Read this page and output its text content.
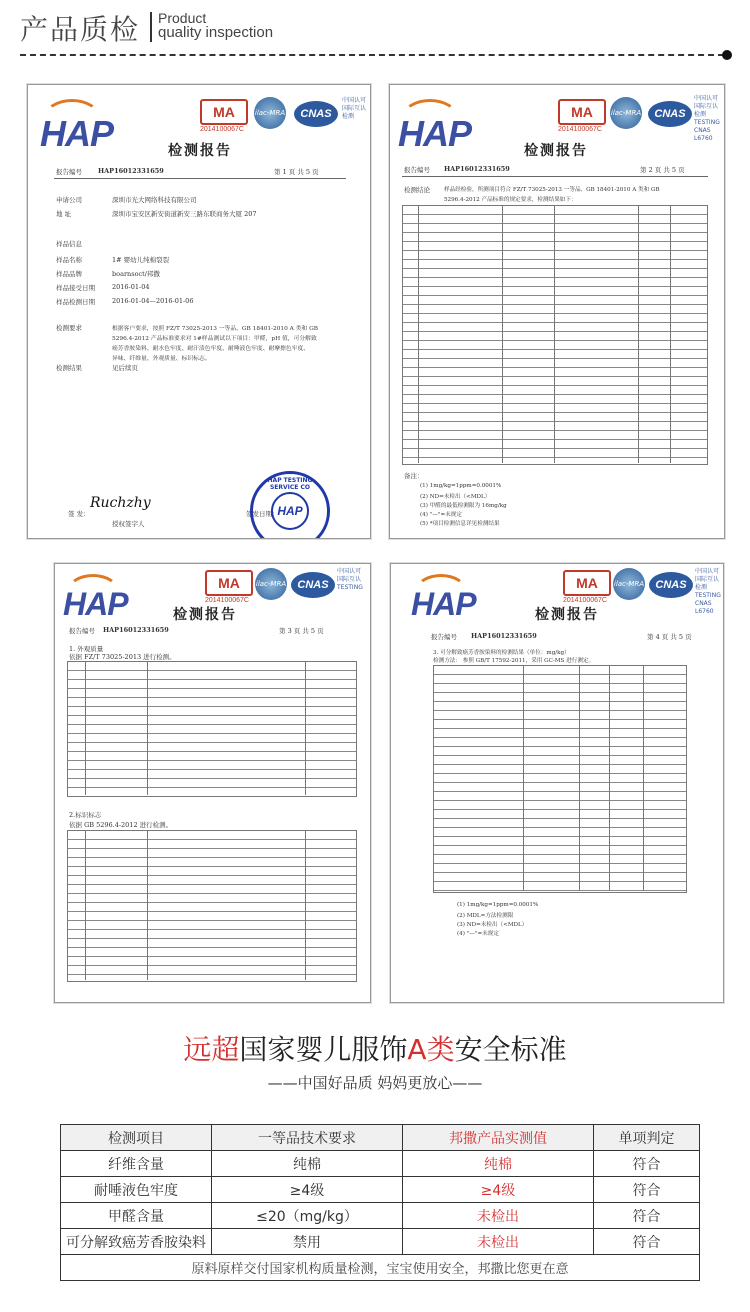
产品质检 Product
quality inspection
HAP
MA
2014100067C
ilac-MRA	CNAS
中国认可
国际互认
检测
检测报告
报告编号 HAP16012331659	第 1 页 共 5 页
申请公司	深圳市光大网络科技有限公司
地 址	深圳市宝安区新安街道新安三路东联商务大厦 207
样品信息
样品名称	1# 婴幼儿纯棉裂裂
样品品牌	boarnsoct/邦撒
样品接受日期	2016-01-04
样品检测日期	2016-01-04—2016-01-06
检测要求	根据客户要求，按照 FZ/T 73025-2013 一等品、GB 18401-2010 A 类和 GB
5296.4-2012 产品标准要求对 1#样品测试以下项目：甲醛，pH 值，可分解致
癌芳香胺染料、耐水色牢度、耐汗渍色牢度、耐唾液色牢度、耐摩擦色牢度、
异味、纤维量、外观质量、标识标志。
检测结果	见后续页
签 发：
Ruchzhy
授权签字人
签发日期：
HAP TESTING SERVICE CO
HAP
HAP
MA
2014100067C
ilac-MRA	CNAS
中国认可
国际互认
检测
TESTING
CNAS L6760
检测报告
报告编号 HAP16012331659	第 2 页 共 5 页
检测结论	样品经检验，所测项目符合 FZ/T 73025-2013 一等品、GB 18401-2010 A 类和 GB
5296.4-2012 产品标准的规定要求，检测结果如下：
备注：
(1) 1mg/kg=1ppm=0.0001%
(2) ND=未检出（<MDL）
(3) 甲醛的最低检测限为 16mg/kg
(4) "—"=未规定
(5) *项目检测信息详见检测结果
HAP
MA
2014100067C
ilac-MRA	CNAS
中国认可
国际互认
TESTING
检测报告
报告编号 HAP16012331659	第 3 页 共 5 页
1. 外观质量
依据 FZ/T 73025-2013 进行检测。
2.标识标志
依据 GB 5296.4-2012 进行检测。
HAP
MA
2014100067C
ilac-MRA	CNAS
中国认可
国际互认
检测
TESTING
CNAS L6760
检测报告
报告编号 HAP16012331659	第 4 页 共 5 页
3. 可分解致癌芳香胺染料的检测结果（单位：mg/kg）
检测方法： 参照 GB/T 17592-2011，采用 GC-MS 进行测定。
(1) 1mg/kg=1ppm=0.0001%
(2) MDL=方法检测限
(3) ND=未检出（<MDL）
(4) "—"=未规定
远超国家婴儿服饰A类安全标准
——中国好品质 妈妈更放心——
检测项目	一等品技术要求	邦撒产品实测值	单项判定
纤维含量	纯棉	纯棉	符合
耐唾液色牢度	≥4级	≥4级	符合
甲醛含量	≤20（mg/kg）	未检出	符合
可分解致癌芳香胺染料	禁用	未检出	符合
原料原样交付国家机构质量检测，宝宝使用安全，邦撒比您更在意			
